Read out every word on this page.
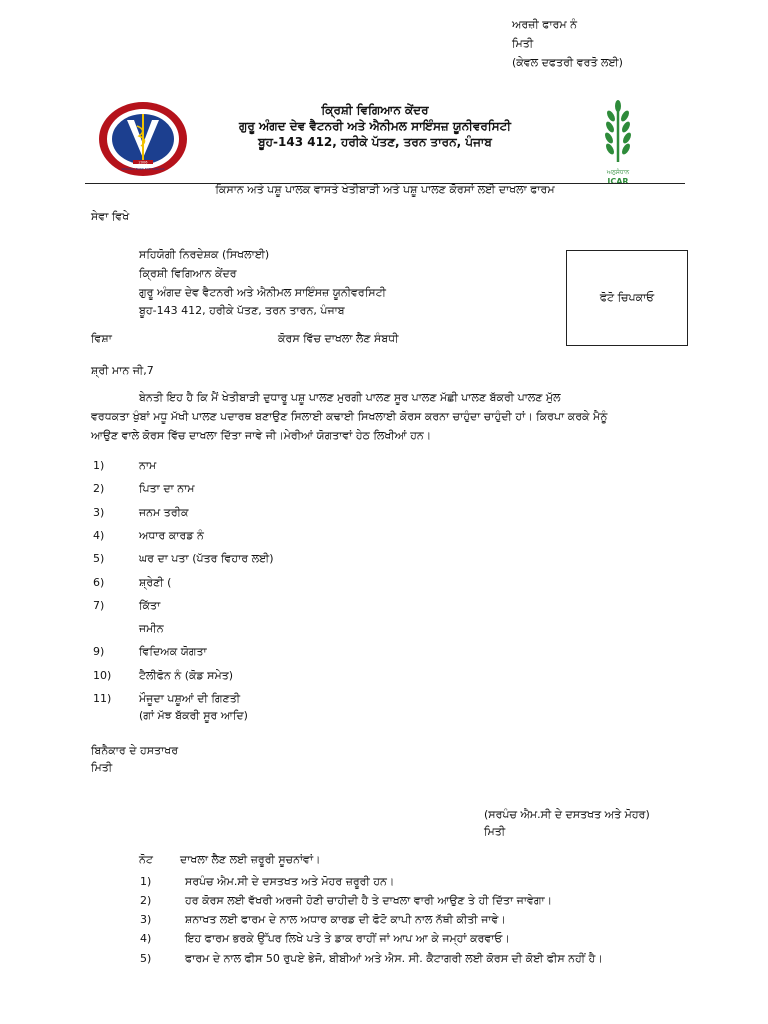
ਅਰਜ਼ੀ ਫਾਰਮ ਨੰ
ਮਿਤੀ
(ਕੇਵਲ ਦਫਤਰੀ ਵਰਤੋ ਲਈ)
2006
SERVING RURE FOR SERVICE
ਕ੍ਰਿਸ਼ੀ ਵਿਗਿਆਨ ਕੇਂਦਰ
ਗੁਰੂ ਅੰਗਦ ਦੇਵ ਵੈਟਨਰੀ ਅਤੇ ਐਨੀਮਲ ਸਾਇੰਸਜ਼ ਯੂਨੀਵਰਸਿਟੀ
ਬੂਹ-143 412, ਹਰੀਕੇ ਪੱਤਣ, ਤਰਨ ਤਾਰਨ, ਪੰਜਾਬ
ਅਨੁਸੰਧਾਨ
ICAR
ਕਿਸਾਨ ਅਤੇ ਪਸ਼ੂ ਪਾਲਕ ਵਾਸਤੇ ਖੇਤੀਬਾੜੀ ਅਤੇ ਪਸ਼ੂ ਪਾਲਣ ਕੋਰਸਾਂ ਲਈ ਦਾਖਲਾ ਫਾਰਮ
ਸੇਵਾ ਵਿਖੇ
ਸਹਿਯੋਗੀ ਨਿਰਦੇਸ਼ਕ (ਸਿਖਲਾਈ)
ਕ੍ਰਿਸ਼ੀ ਵਿਗਿਆਨ ਕੇਂਦਰ
ਗੁਰੂ ਅੰਗਦ ਦੇਵ ਵੈਟਨਰੀ ਅਤੇ ਐਨੀਮਲ ਸਾਇੰਸਜ਼ ਯੂਨੀਵਰਸਿਟੀ
ਬੂਹ-143 412, ਹਰੀਕੇ ਪੱਤਣ, ਤਰਨ ਤਾਰਨ, ਪੰਜਾਬ
ਫੋਟੋ ਚਿਪਕਾਓ
ਵਿਸ਼ਾ	ਕੋਰਸ ਵਿੱਚ ਦਾਖਲਾ ਲੈਣ ਸੰਬਧੀ
ਸ਼੍ਰੀ ਮਾਨ ਜੀ,7
ਬੇਨਤੀ ਇਹ ਹੈ ਕਿ ਮੈਂ ਖੇਤੀਬਾੜੀ ਦੁਧਾਰੂ ਪਸ਼ੂ ਪਾਲਣ ਮੁਰਗੀ ਪਾਲਣ ਸੂਰ ਪਾਲਣ ਮੱਛੀ ਪਾਲਣ ਬੱਕਰੀ ਪਾਲਣ ਮੁੱਲ
ਵਰਧਕਤਾ ਖੁੰਬਾਂ ਮਧੂ ਮੱਖੀ ਪਾਲਣ ਪਦਾਰਥ ਬਣਾਉਣ ਸਿਲਾਈ ਕਢਾਈ ਸਿਖਲਾਈ ਕੋਰਸ ਕਰਨਾ ਚਾਹੁੰਦਾ ਚਾਹੁੰਦੀ ਹਾਂ। ਕਿਰਪਾ ਕਰਕੇ ਮੈਨੂੰ
ਆਉਣ ਵਾਲੇ ਕੋਰਸ ਵਿੱਚ ਦਾਖਲਾ ਦਿੱਤਾ ਜਾਵੇ ਜੀ।ਮੇਰੀਆਂ ਯੋਗਤਾਵਾਂ ਹੇਠ ਲਿਖੀਆਂ ਹਨ।
1)	ਨਾਮ
2)	ਪਿਤਾ ਦਾ ਨਾਮ
3)	ਜਨਮ ਤਰੀਕ
4)	ਅਧਾਰ ਕਾਰਡ ਨੰ
5)	ਘਰ ਦਾ ਪਤਾ (ਪੱਤਰ ਵਿਹਾਰ ਲਈ)
6)	ਸ਼੍ਰੇਣੀ (
7)	ਕਿੱਤਾ
ਜਮੀਨ
9)	ਵਿਦਿਅਕ ਯੋਗਤਾ
10)	ਟੈਲੀਫੋਨ ਨੰ (ਕੋਡ ਸਮੇਤ)
11)	ਮੌਜੂਦਾ ਪਸ਼ੂਆਂ ਦੀ ਗਿਣਤੀ
(ਗਾਂ ਮੱਝ ਬੱਕਰੀ ਸੂਰ ਆਦਿ)
ਬਿਨੈਕਾਰ ਦੇ ਹਸਤਾਖਰ
ਮਿਤੀ
(ਸਰਪੰਚ ਐਮ.ਸੀ ਦੇ ਦਸਤਖਤ ਅਤੇ ਮੋਹਰ)
ਮਿਤੀ
ਨੋਟ ਦਾਖਲਾ ਲੈਣ ਲਈ ਜ਼ਰੂਰੀ ਸੂਚਨਾਂਵਾਂ।
1)	ਸਰਪੰਚ ਐਮ.ਸੀ ਦੇ ਦਸਤਖਤ ਅਤੇ ਮੋਹਰ ਜ਼ਰੂਰੀ ਹਨ।
2)	ਹਰ ਕੋਰਸ ਲਈ ਵੱਖਰੀ ਅਰਜੀ ਹੋਣੀ ਚਾਹੀਦੀ ਹੈ ਤੇ ਦਾਖਲਾ ਵਾਰੀ ਆਉਣ ਤੇ ਹੀ ਦਿੱਤਾ ਜਾਵੇਗਾ।
3)	ਸ਼ਨਾਖਤ ਲਈ ਫਾਰਮ ਦੇ ਨਾਲ ਅਧਾਰ ਕਾਰਡ ਦੀ ਫੋਟੋ ਕਾਪੀ ਨਾਲ ਨੱਥੀ ਕੀਤੀ ਜਾਵੇ।
4)	ਇਹ ਫਾਰਮ ਭਰਕੇ ਉੱਪਰ ਲਿਖੇ ਪਤੇ ਤੇ ਡਾਕ ਰਾਹੀਂ ਜਾਂ ਆਪ ਆ ਕੇ ਜਮ੍ਹਾਂ ਕਰਵਾਓ।
5)	ਫਾਰਮ ਦੇ ਨਾਲ ਫੀਸ 50 ਰੁਪਏ ਭੇਜੋ, ਬੀਬੀਆਂ ਅਤੇ ਐਸ. ਸੀ. ਕੈਟਾਗਰੀ ਲਈ ਕੋਰਸ ਦੀ ਕੋਈ ਫੀਸ ਨਹੀਂ ਹੈ।
